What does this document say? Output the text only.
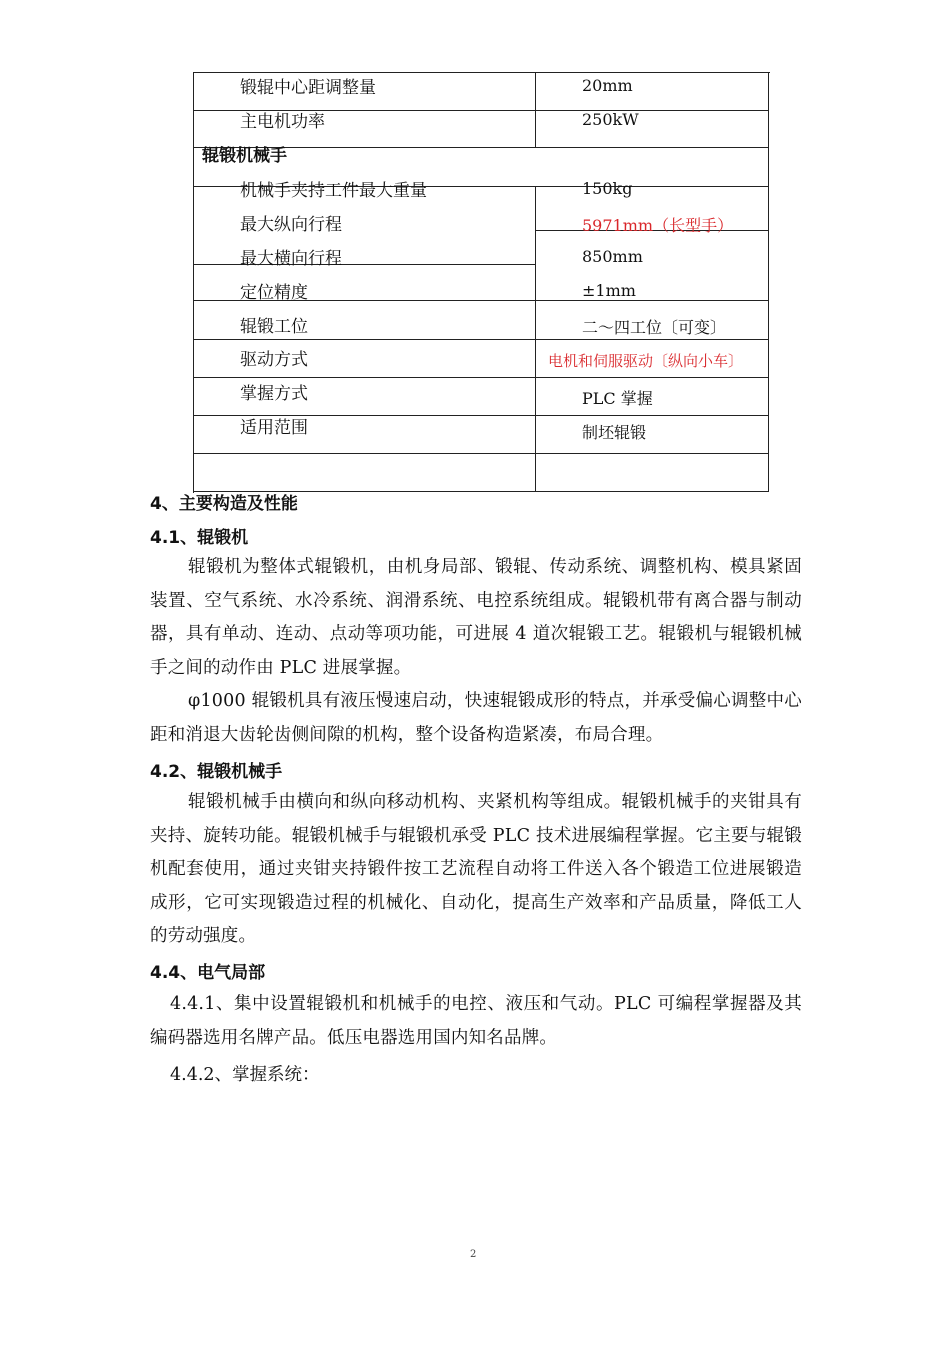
锻辊中心距调整量	20mm
主电机功率	250kW
辊锻机械手
机械手夹持工件最大重量	150kg
最大纵向行程	5971mm（长型手）
最大横向行程	850mm
定位精度	±1mm
辊锻工位	二～四工位〔可变〕
驱动方式	电机和伺服驱动〔纵向小车〕
掌握方式	PLC 掌握
适用范围	制坯辊锻
4、主要构造及性能
4.1、辊锻机
辊锻机为整体式辊锻机，由机身局部、锻辊、传动系统、调整机构、模具紧固装置、空气系统、水冷系统、润滑系统、电控系统组成。辊锻机带有离合器与制动器，具有单动、连动、点动等项功能，可进展 4 道次辊锻工艺。辊锻机与辊锻机械手之间的动作由 PLC 进展掌握。
φ1000 辊锻机具有液压慢速启动，快速辊锻成形的特点，并承受偏心调整中心距和消退大齿轮齿侧间隙的机构，整个设备构造紧凑，布局合理。
4.2、辊锻机械手
辊锻机械手由横向和纵向移动机构、夹紧机构等组成。辊锻机械手的夹钳具有夹持、旋转功能。辊锻机械手与辊锻机承受 PLC 技术进展编程掌握。它主要与辊锻机配套使用，通过夹钳夹持锻件按工艺流程自动将工件送入各个锻造工位进展锻造成形，它可实现锻造过程的机械化、自动化，提高生产效率和产品质量，降低工人的劳动强度。
4.4、电气局部
4.4.1、集中设置辊锻机和机械手的电控、液压和气动。PLC 可编程掌握器及其编码器选用名牌产品。低压电器选用国内知名品牌。
4.4.2、掌握系统：
2
